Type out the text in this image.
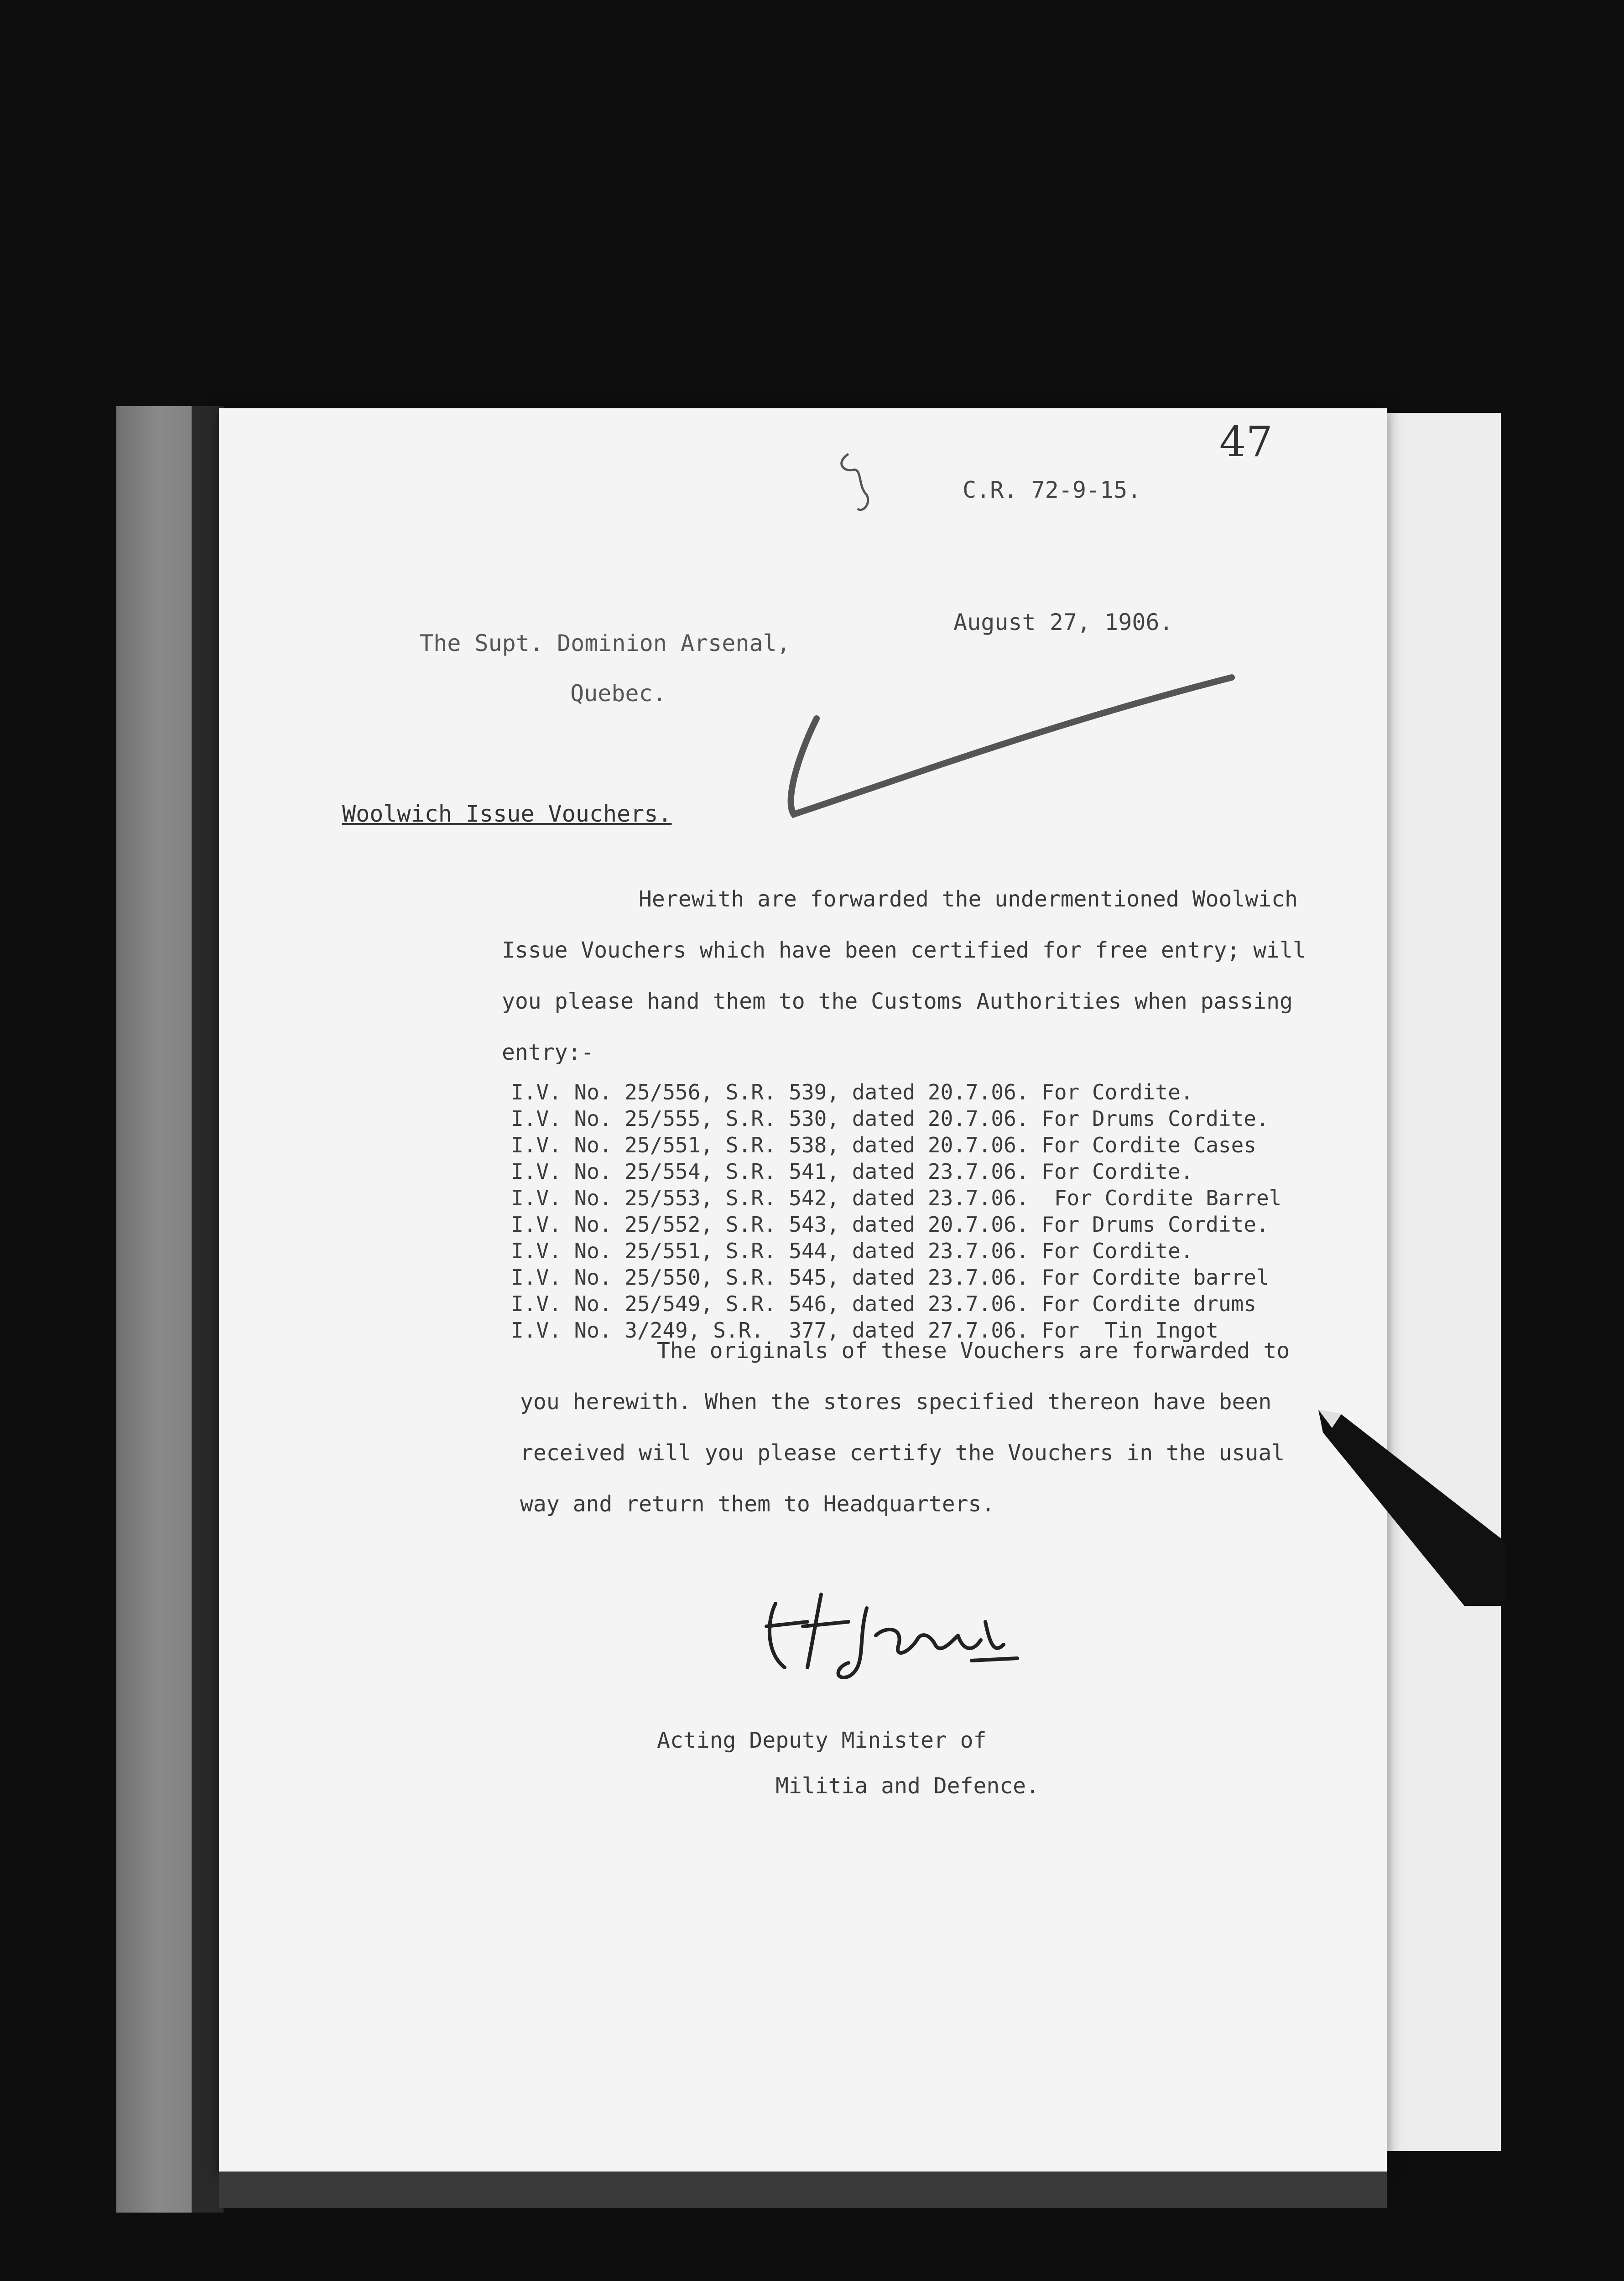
47
C.R. 72-9-15.
The Supt. Dominion Arsenal,
Quebec.
August 27, 1906.
Woolwich Issue Vouchers.
Herewith are forwarded the undermentioned Woolwich Issue Vouchers which have been certified for free entry; will you please hand them to the Customs Authorities when passing entry:-
I.V. No. 25/556, S.R. 539, dated 20.7.06. For Cordite.
I.V. No. 25/555, S.R. 530, dated 20.7.06. For Drums Cordite.
I.V. No. 25/551, S.R. 538, dated 20.7.06. For Cordite Cases
I.V. No. 25/554, S.R. 541, dated 23.7.06. For Cordite.
I.V. No. 25/553, S.R. 542, dated 23.7.06.  For Cordite Barrel
I.V. No. 25/552, S.R. 543, dated 20.7.06. For Drums Cordite.
I.V. No. 25/551, S.R. 544, dated 23.7.06. For Cordite.
I.V. No. 25/550, S.R. 545, dated 23.7.06. For Cordite barrel
I.V. No. 25/549, S.R. 546, dated 23.7.06. For Cordite drums
I.V. No. 3/249, S.R.  377, dated 27.7.06. For  Tin Ingot
The originals of these Vouchers are forwarded to you herewith. When the stores specified thereon have been received will you please certify the Vouchers in the usual way and return them to Headquarters.
Acting Deputy Minister of
Militia and Defence.
